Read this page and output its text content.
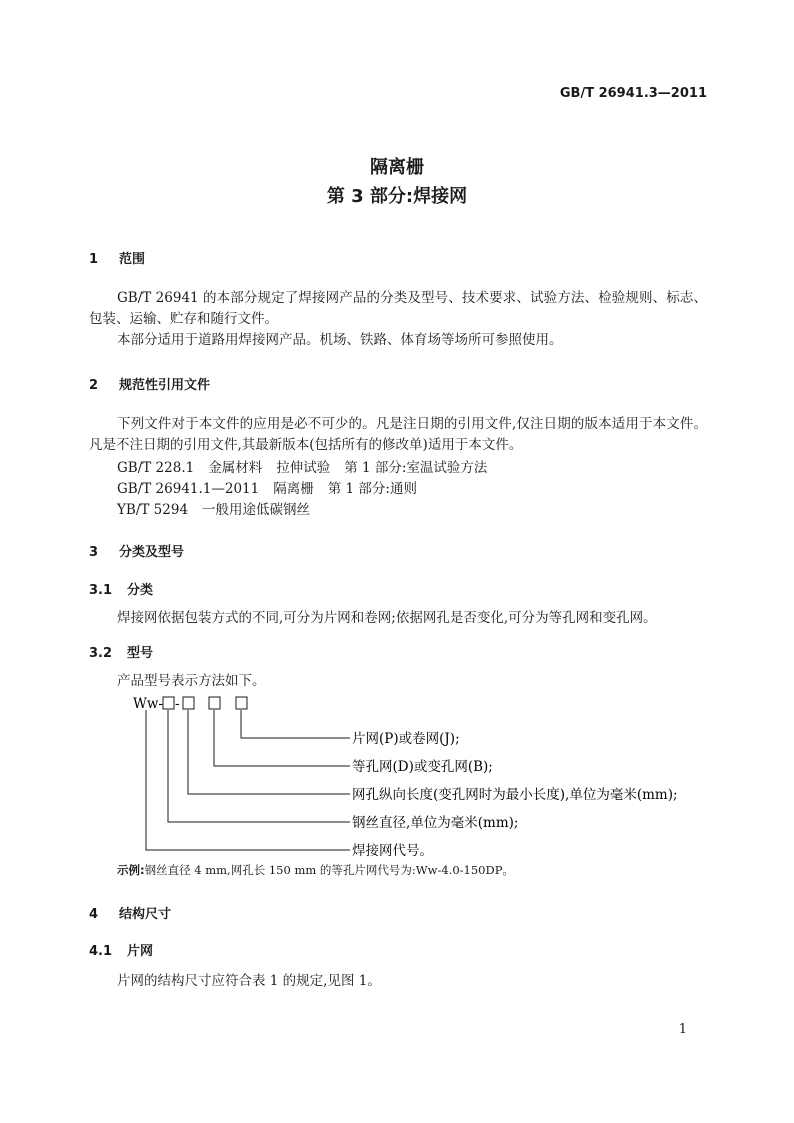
GB/T 26941.3—2011
隔离栅
第 3 部分:焊接网
1 范围
GB/T 26941 的本部分规定了焊接网产品的分类及型号、技术要求、试验方法、检验规则、标志、包装、运输、贮存和随行文件。
本部分适用于道路用焊接网产品。机场、铁路、体育场等场所可参照使用。
2 规范性引用文件
下列文件对于本文件的应用是必不可少的。凡是注日期的引用文件,仅注日期的版本适用于本文件。凡是不注日期的引用文件,其最新版本(包括所有的修改单)适用于本文件。
GB/T 228.1 金属材料 拉伸试验 第 1 部分:室温试验方法
GB/T 26941.1—2011 隔离栅 第 1 部分:通则
YB/T 5294 一般用途低碳钢丝
3 分类及型号
3.1 分类
焊接网依据包装方式的不同,可分为片网和卷网;依据网孔是否变化,可分为等孔网和变孔网。
3.2 型号
产品型号表示方法如下。
Ww- -
片网(P)或卷网(J);
等孔网(D)或变孔网(B);
网孔纵向长度(变孔网时为最小长度),单位为毫米(mm);
钢丝直径,单位为毫米(mm);
焊接网代号。
示例:钢丝直径 4 mm,网孔长 150 mm 的等孔片网代号为:Ww-4.0-150DP。
4 结构尺寸
4.1 片网
片网的结构尺寸应符合表 1 的规定,见图 1。
1
